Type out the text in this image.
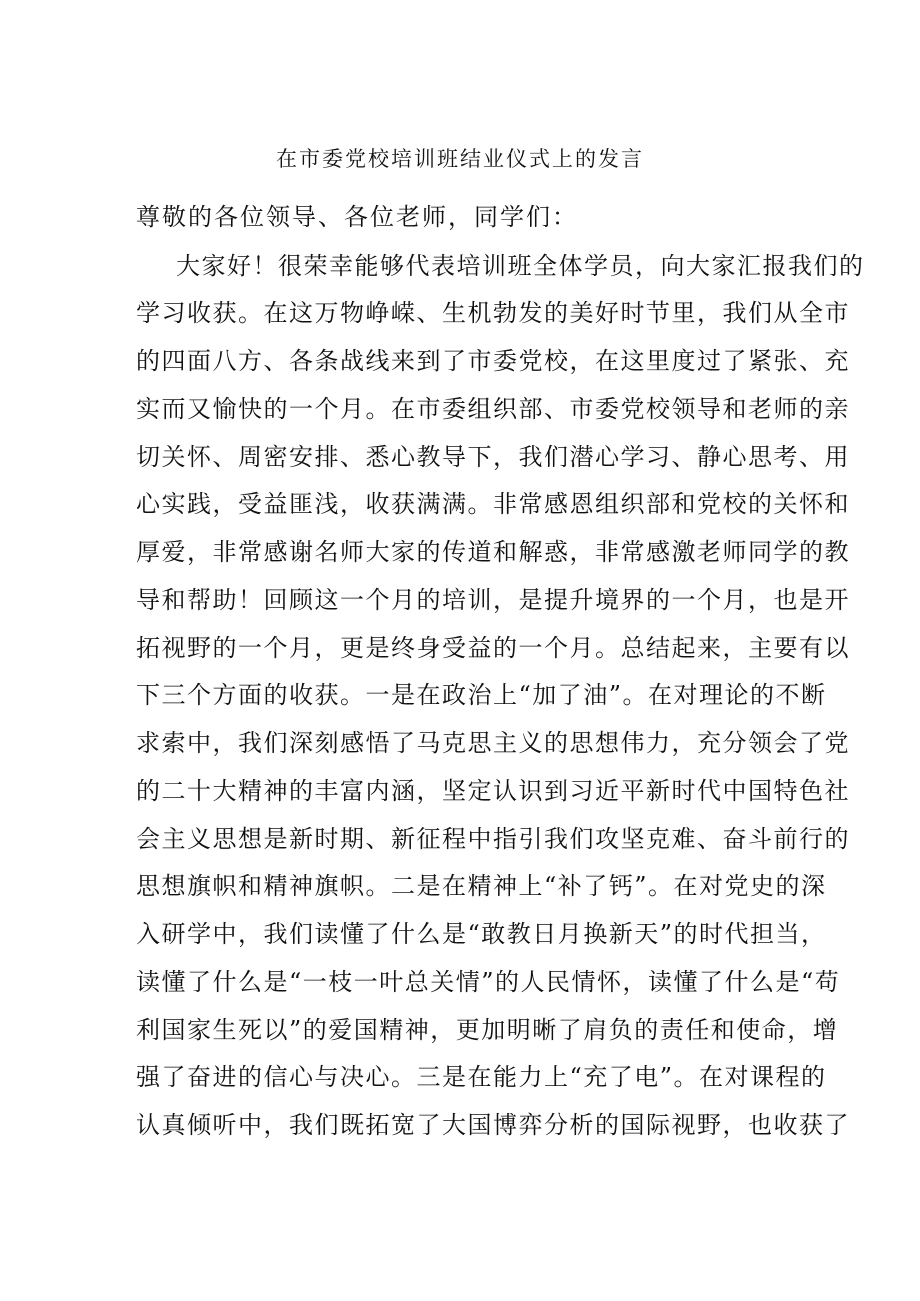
在市委党校培训班结业仪式上的发言
尊敬的各位领导、各位老师，同学们：
大家好！很荣幸能够代表培训班全体学员，向大家汇报我们的
学习收获。在这万物峥嵘、生机勃发的美好时节里，我们从全市
的四面八方、各条战线来到了市委党校，在这里度过了紧张、充
实而又愉快的一个月。在市委组织部、市委党校领导和老师的亲
切关怀、周密安排、悉心教导下，我们潜心学习、静心思考、用
心实践，受益匪浅，收获满满。非常感恩组织部和党校的关怀和
厚爱，非常感谢名师大家的传道和解惑，非常感激老师同学的教
导和帮助！回顾这一个月的培训，是提升境界的一个月，也是开
拓视野的一个月，更是终身受益的一个月。总结起来，主要有以
下三个方面的收获。一是在政治上“加了油”。在对理论的不断
求索中，我们深刻感悟了马克思主义的思想伟力，充分领会了党
的二十大精神的丰富内涵，坚定认识到习近平新时代中国特色社
会主义思想是新时期、新征程中指引我们攻坚克难、奋斗前行的
思想旗帜和精神旗帜。二是在精神上“补了钙”。在对党史的深
入研学中，我们读懂了什么是“敢教日月换新天”的时代担当，
读懂了什么是“一枝一叶总关情”的人民情怀，读懂了什么是“苟
利国家生死以”的爱国精神，更加明晰了肩负的责任和使命，增
强了奋进的信心与决心。三是在能力上“充了电”。在对课程的
认真倾听中，我们既拓宽了大国博弈分析的国际视野，也收获了
